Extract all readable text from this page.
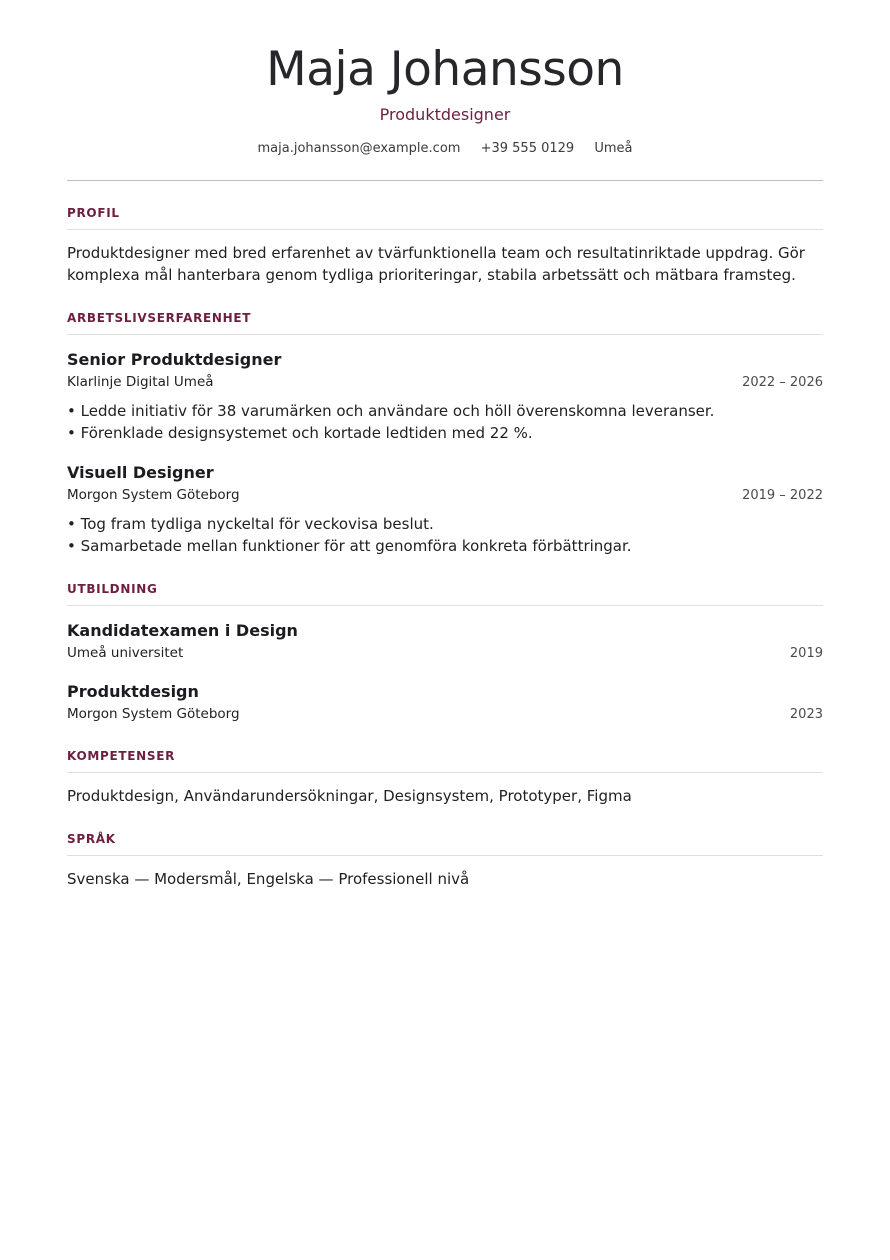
Maja Johansson
Produktdesigner
maja.johansson@example.com +39 555 0129 Umeå
PROFIL
Produktdesigner med bred erfarenhet av tvärfunktionella team och resultatinriktade uppdrag. Gör komplexa mål hanterbara genom tydliga prioriteringar, stabila arbetssätt och mätbara framsteg.
ARBETSLIVSERFARENHET
Senior Produktdesigner
Klarlinje Digital Umeå	2022 – 2026
• Ledde initiativ för 38 varumärken och användare och höll överenskomna leveranser.
• Förenklade designsystemet och kortade ledtiden med 22 %.
Visuell Designer
Morgon System Göteborg	2019 – 2022
• Tog fram tydliga nyckeltal för veckovisa beslut.
• Samarbetade mellan funktioner för att genomföra konkreta förbättringar.
UTBILDNING
Kandidatexamen i Design
Umeå universitet	2019
Produktdesign
Morgon System Göteborg	2023
KOMPETENSER
Produktdesign, Användarundersökningar, Designsystem, Prototyper, Figma
SPRÅK
Svenska — Modersmål, Engelska — Professionell nivå
